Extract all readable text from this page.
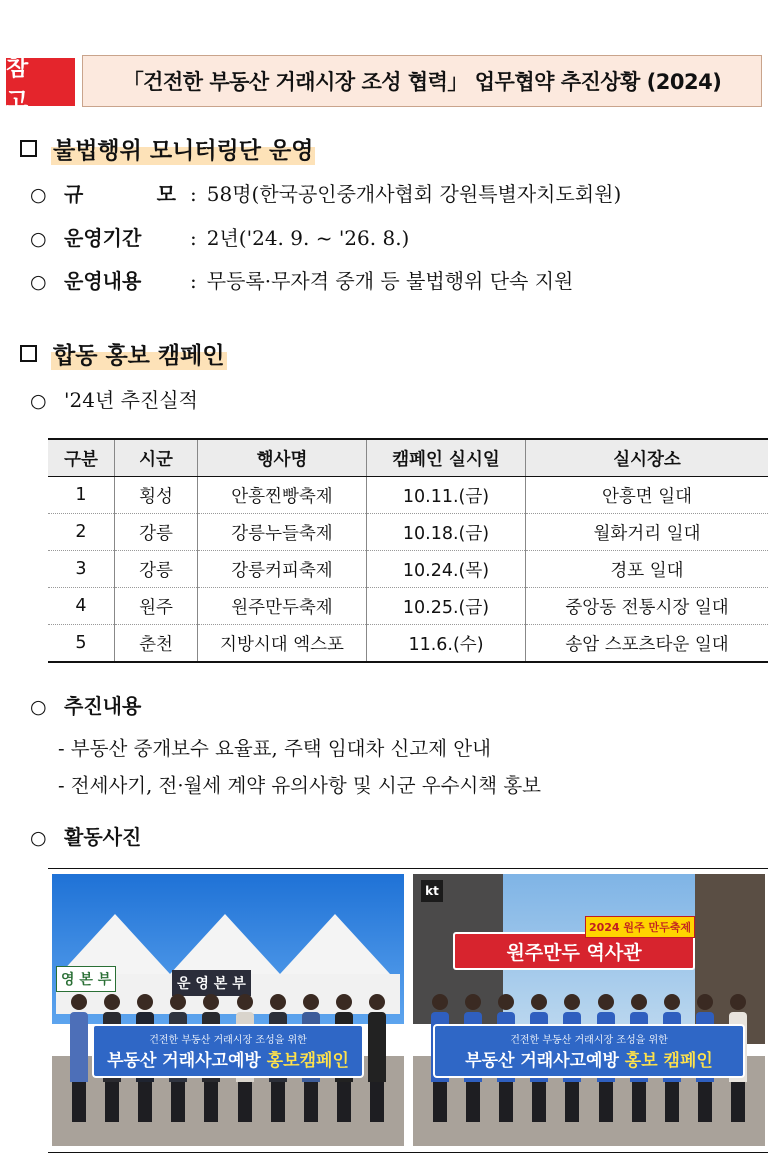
참 고
「건전한 부동산 거래시장 조성 협력」 업무협약 추진상황 (2024)
불법행위 모니터링단 운영
○ 규	모 : 58명(한국공인중개사협회 강원특별자치도회원)
○ 운영기간	: 2년('24. 9. ~ '26. 8.)
○ 운영내용	: 무등록·무자격 중개 등 불법행위 단속 지원
합동 홍보 캠페인
○ '24년 추진실적
구분	시군	행사명	캠페인 실시일	실시장소
1	횡성	안흥찐빵축제	10.11.(금)	안흥면 일대
2	강릉	강릉누들축제	10.18.(금)	월화거리 일대
3	강릉	강릉커피축제	10.24.(목)	경포 일대
4	원주	원주만두축제	10.25.(금)	중앙동 전통시장 일대
5	춘천	지방시대 엑스포	11.6.(수)	송암 스포츠타운 일대
○ 추진내용
- 부동산 중개보수 요율표, 주택 임대차 신고제 안내
- 전세사기, 전·월세 계약 유의사항 및 시군 우수시책 홍보
○ 활동사진
영 본 부	운 영 본 부
건전한 부동산 거래시장 조성을 위한
부동산 거래사고예방 홍보캠페인
kt
원주만두 역사관
2024 원주 만두축제
건전한 부동산 거래시장 조성을 위한
부동산 거래사고예방 홍보 캠페인
